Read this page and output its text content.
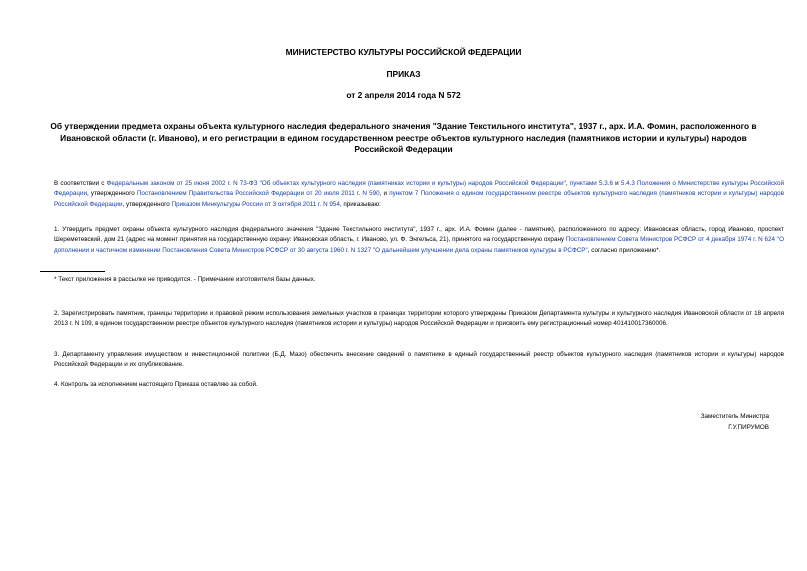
МИНИСТЕРСТВО КУЛЬТУРЫ РОССИЙСКОЙ ФЕДЕРАЦИИ
ПРИКАЗ
от 2 апреля 2014 года N 572
Об утверждении предмета охраны объекта культурного наследия федерального значения "Здание Текстильного института", 1937 г., арх. И.А. Фомин, расположенного в Ивановской области (г. Иваново), и его регистрации в едином государственном реестре объектов культурного наследия (памятников истории и культуры) народов Российской Федерации
В соответствии с Федеральным законом от 25 июня 2002 г. N 73-ФЗ "Об объектах культурного наследия (памятниках истории и культуры) народов Российской Федерации", пунктами 5.3.6 и 5.4.3 Положения о Министерстве культуры Российской Федерации, утвержденного Постановлением Правительства Российской Федерации от 20 июля 2011 г. N 590, и пунктом 7 Положения о едином государственном реестре объектов культурного наследия (памятников истории и культуры) народов Российской Федерации, утвержденного Приказом Минкультуры России от 3 октября 2011 г. N 954, приказываю:
1. Утвердить предмет охраны объекта культурного наследия федерального значения "Здание Текстильного института", 1937 г., арх. И.А. Фомин (далее - памятник), расположенного по адресу: Ивановская область, город Иваново, проспект Шереметевский, дом 21 (адрес на момент принятия на государственную охрану: Ивановская область, г. Иваново, ул. Ф. Энгельса, 21), принятого на государственную охрану Постановлением Совета Министров РСФСР от 4 декабря 1974 г. N 624 "О дополнении и частичном изменении Постановления Совета Министров РСФСР от 30 августа 1960 г. N 1327 "О дальнейшем улучшении дела охраны памятников культуры в РСФСР", согласно приложению*.
* Текст приложения в рассылке не приводится. - Примечание изготовителя базы данных.
2. Зарегистрировать памятник, границы территории и правовой режим использования земельных участков в границах территории которого утверждены Приказом Департамента культуры и культурного наследия Ивановской области от 18 апреля 2013 г. N 109, в едином государственном реестре объектов культурного наследия (памятников истории и культуры) народов Российской Федерации и присвоить ему регистрационный номер 401410017360006.
3. Департаменту управления имуществом и инвестиционной политики (Б.Д. Мазо) обеспечить внесение сведений о памятнике в единый государственный реестр объектов культурного наследия (памятников истории и культуры) народов Российской Федерации и их опубликование.
4. Контроль за исполнением настоящего Приказа оставляю за собой.
Заместитель Министра
Г.У.ПИРУМОВ
